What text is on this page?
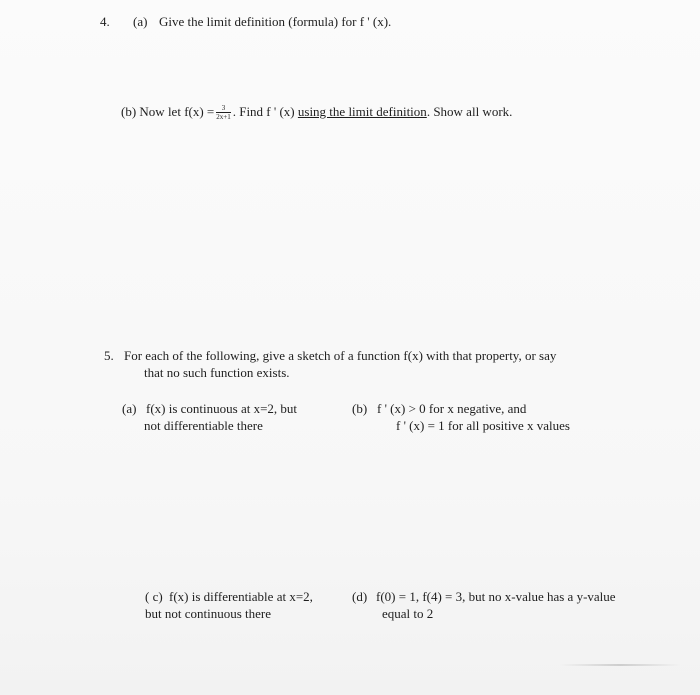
4. (a) Give the limit definition (formula) for f ' (x).
(b) Now let $f(x) = \frac{3}{2x+1}$ . Find f ' (x) using the limit definition. Show all work.
5. For each of the following, give a sketch of a function f(x) with that property, or say
that no such function exists.
(a) f(x) is continuous at x=2, but
not differentiable there
(b) f ' (x) > 0 for x negative, and
f ' (x) = 1 for all positive x values
( c) f(x) is differentiable at x=2,
but not continuous there
(d) f(0) = 1, f(4) = 3, but no x-value has a y-value
equal to 2
